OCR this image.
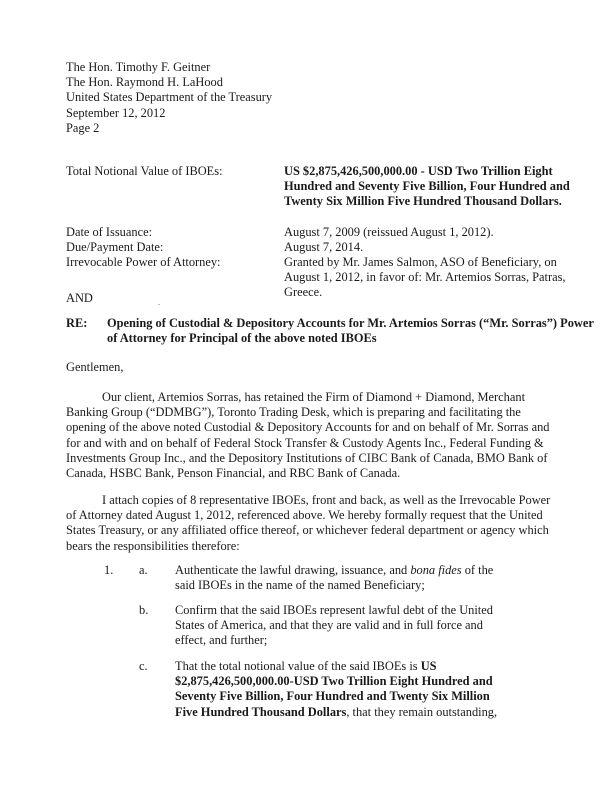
The Hon. Timothy F. Geitner
The Hon. Raymond H. LaHood
United States Department of the Treasury
September 12, 2012
Page 2
Total Notional Value of IBOEs:	US $2,875,426,500,000.00 - USD Two Trillion Eight Hundred and Seventy Five Billion, Four Hundred and Twenty Six Million Five Hundred Thousand Dollars.
Date of Issuance:	August 7, 2009 (reissued August 1, 2012).
Due/Payment Date:	August 7, 2014.
Irrevocable Power of Attorney:	Granted by Mr. James Salmon, ASO of Beneficiary, on August 1, 2012, in favor of: Mr. Artemios Sorras, Patras, Greece.
AND
RE: Opening of Custodial & Depository Accounts for Mr. Artemios Sorras (“Mr. Sorras”) Power of Attorney for Principal of the above noted IBOEs
Gentlemen,
Our client, Artemios Sorras, has retained the Firm of Diamond + Diamond, Merchant Banking Group (“DDMBG”), Toronto Trading Desk, which is preparing and facilitating the opening of the above noted Custodial & Depository Accounts for and on behalf of Mr. Sorras and for and with and on behalf of Federal Stock Transfer & Custody Agents Inc., Federal Funding & Investments Group Inc., and the Depository Institutions of CIBC Bank of Canada, BMO Bank of Canada, HSBC Bank, Penson Financial, and RBC Bank of Canada.
I attach copies of 8 representative IBOEs, front and back, as well as the Irrevocable Power of Attorney dated August 1, 2012, referenced above. We hereby formally request that the United States Treasury, or any affiliated office thereof, or whichever federal department or agency which bears the responsibilities therefore:
1. a. Authenticate the lawful drawing, issuance, and bona fides of the said IBOEs in the name of the named Beneficiary;
b. Confirm that the said IBOEs represent lawful debt of the United States of America, and that they are valid and in full force and effect, and further;
c. That the total notional value of the said IBOEs is US $2,875,426,500,000.00-USD Two Trillion Eight Hundred and Seventy Five Billion, Four Hundred and Twenty Six Million Five Hundred Thousand Dollars, that they remain outstanding,
